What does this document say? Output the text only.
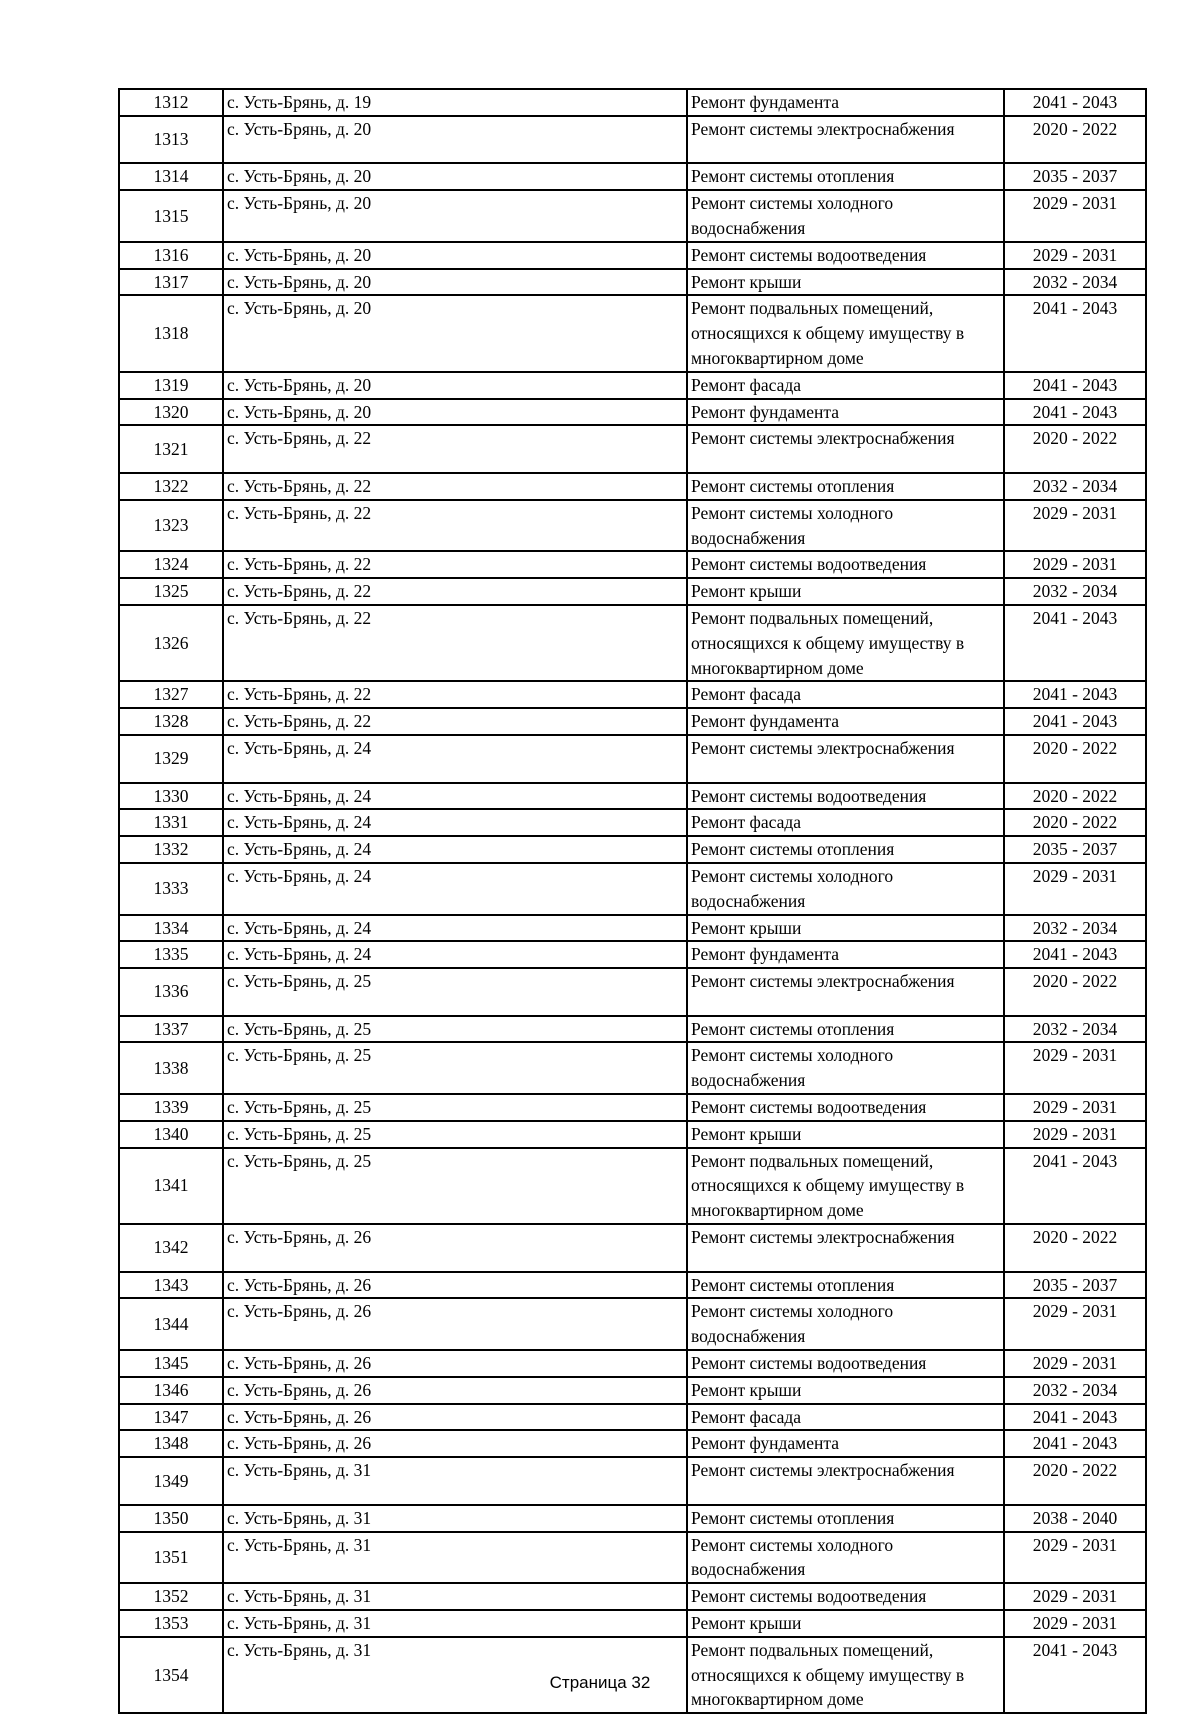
1312	с. Усть-Брянь, д. 19	Ремонт фундамента	2041 - 2043
1313	с. Усть-Брянь, д. 20	Ремонт системы электроснабжения	2020 - 2022
1314	с. Усть-Брянь, д. 20	Ремонт системы отопления	2035 - 2037
1315	с. Усть-Брянь, д. 20	Ремонт системы холодного водоснабжения	2029 - 2031
1316	с. Усть-Брянь, д. 20	Ремонт системы водоотведения	2029 - 2031
1317	с. Усть-Брянь, д. 20	Ремонт крыши	2032 - 2034
1318	с. Усть-Брянь, д. 20	Ремонт подвальных помещений, относящихся к общему имуществу в многоквартирном доме	2041 - 2043
1319	с. Усть-Брянь, д. 20	Ремонт фасада	2041 - 2043
1320	с. Усть-Брянь, д. 20	Ремонт фундамента	2041 - 2043
1321	с. Усть-Брянь, д. 22	Ремонт системы электроснабжения	2020 - 2022
1322	с. Усть-Брянь, д. 22	Ремонт системы отопления	2032 - 2034
1323	с. Усть-Брянь, д. 22	Ремонт системы холодного водоснабжения	2029 - 2031
1324	с. Усть-Брянь, д. 22	Ремонт системы водоотведения	2029 - 2031
1325	с. Усть-Брянь, д. 22	Ремонт крыши	2032 - 2034
1326	с. Усть-Брянь, д. 22	Ремонт подвальных помещений, относящихся к общему имуществу в многоквартирном доме	2041 - 2043
1327	с. Усть-Брянь, д. 22	Ремонт фасада	2041 - 2043
1328	с. Усть-Брянь, д. 22	Ремонт фундамента	2041 - 2043
1329	с. Усть-Брянь, д. 24	Ремонт системы электроснабжения	2020 - 2022
1330	с. Усть-Брянь, д. 24	Ремонт системы водоотведения	2020 - 2022
1331	с. Усть-Брянь, д. 24	Ремонт фасада	2020 - 2022
1332	с. Усть-Брянь, д. 24	Ремонт системы отопления	2035 - 2037
1333	с. Усть-Брянь, д. 24	Ремонт системы холодного водоснабжения	2029 - 2031
1334	с. Усть-Брянь, д. 24	Ремонт крыши	2032 - 2034
1335	с. Усть-Брянь, д. 24	Ремонт фундамента	2041 - 2043
1336	с. Усть-Брянь, д. 25	Ремонт системы электроснабжения	2020 - 2022
1337	с. Усть-Брянь, д. 25	Ремонт системы отопления	2032 - 2034
1338	с. Усть-Брянь, д. 25	Ремонт системы холодного водоснабжения	2029 - 2031
1339	с. Усть-Брянь, д. 25	Ремонт системы водоотведения	2029 - 2031
1340	с. Усть-Брянь, д. 25	Ремонт крыши	2029 - 2031
1341	с. Усть-Брянь, д. 25	Ремонт подвальных помещений, относящихся к общему имуществу в многоквартирном доме	2041 - 2043
1342	с. Усть-Брянь, д. 26	Ремонт системы электроснабжения	2020 - 2022
1343	с. Усть-Брянь, д. 26	Ремонт системы отопления	2035 - 2037
1344	с. Усть-Брянь, д. 26	Ремонт системы холодного водоснабжения	2029 - 2031
1345	с. Усть-Брянь, д. 26	Ремонт системы водоотведения	2029 - 2031
1346	с. Усть-Брянь, д. 26	Ремонт крыши	2032 - 2034
1347	с. Усть-Брянь, д. 26	Ремонт фасада	2041 - 2043
1348	с. Усть-Брянь, д. 26	Ремонт фундамента	2041 - 2043
1349	с. Усть-Брянь, д. 31	Ремонт системы электроснабжения	2020 - 2022
1350	с. Усть-Брянь, д. 31	Ремонт системы отопления	2038 - 2040
1351	с. Усть-Брянь, д. 31	Ремонт системы холодного водоснабжения	2029 - 2031
1352	с. Усть-Брянь, д. 31	Ремонт системы водоотведения	2029 - 2031
1353	с. Усть-Брянь, д. 31	Ремонт крыши	2029 - 2031
1354	с. Усть-Брянь, д. 31	Ремонт подвальных помещений, относящихся к общему имуществу в многоквартирном доме	2041 - 2043
Страница 32
